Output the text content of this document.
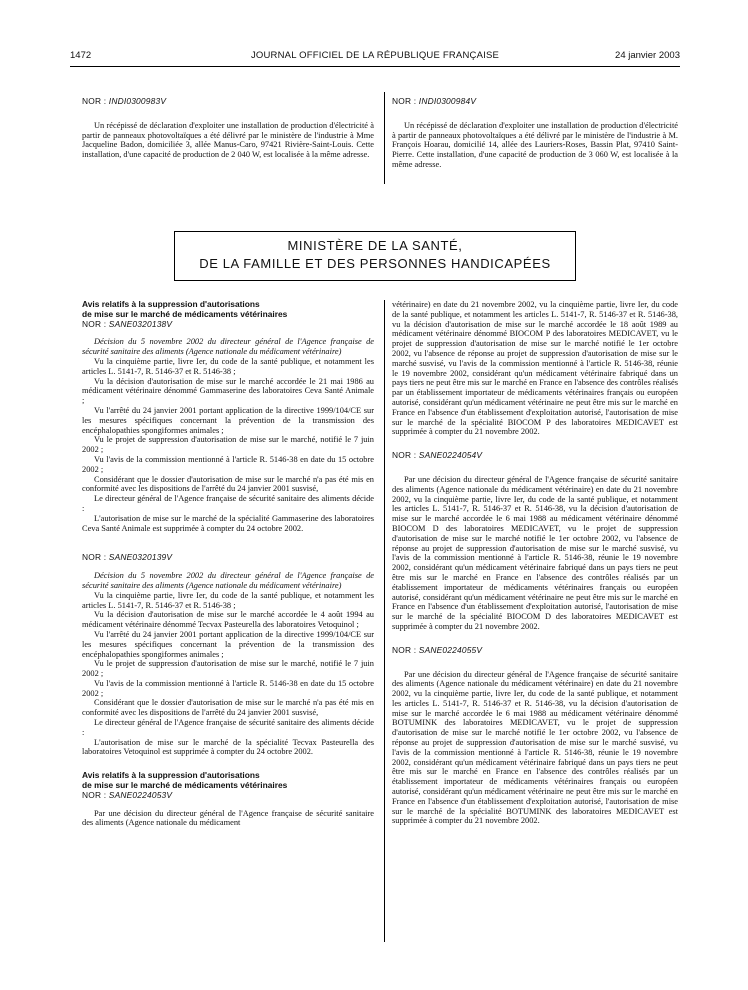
1472	JOURNAL OFFICIEL DE LA RÉPUBLIQUE FRANÇAISE	24 janvier 2003

NOR : INDI0300983V

Un récépissé de déclaration d'exploiter une installation de production d'électricité à partir de panneaux photovoltaïques a été délivré par le ministère de l'industrie à Mme Jacqueline Badon, domiciliée 3, allée Manus-Caro, 97421 Rivière-Saint-Louis. Cette installation, d'une capacité de production de 2 040 W, est localisée à la même adresse.

NOR : INDI0300984V

Un récépissé de déclaration d'exploiter une installation de production d'électricité à partir de panneaux photovoltaïques a été délivré par le ministère de l'industrie à M. François Hoarau, domicilié 14, allée des Lauriers-Roses, Bassin Plat, 97410 Saint-Pierre. Cette installation, d'une capacité de production de 3 060 W, est localisée à la même adresse.

MINISTÈRE DE LA SANTÉ,
DE LA FAMILLE ET DES PERSONNES HANDICAPÉES

Avis relatifs à la suppression d'autorisations

de mise sur le marché de médicaments vétérinaires

NOR : SANE0320138V

Décision du 5 novembre 2002 du directeur général de l'Agence française de sécurité sanitaire des aliments (Agence nationale du médicament vétérinaire)

Vu la cinquième partie, livre Ier, du code de la santé publique, et notamment les articles L. 5141-7, R. 5146-37 et R. 5146-38 ;

Vu la décision d'autorisation de mise sur le marché accordée le 21 mai 1986 au médicament vétérinaire dénommé Gammaserine des laboratoires Ceva Santé Animale ;

Vu l'arrêté du 24 janvier 2001 portant application de la directive 1999/104/CE sur les mesures spécifiques concernant la prévention de la transmission des encéphalopathies spongiformes animales ;

Vu le projet de suppression d'autorisation de mise sur le marché, notifié le 7 juin 2002 ;

Vu l'avis de la commission mentionné à l'article R. 5146-38 en date du 15 octobre 2002 ;

Considérant que le dossier d'autorisation de mise sur le marché n'a pas été mis en conformité avec les dispositions de l'arrêté du 24 janvier 2001 susvisé,

Le directeur général de l'Agence française de sécurité sanitaire des aliments décide :

L'autorisation de mise sur le marché de la spécialité Gammaserine des laboratoires Ceva Santé Animale est supprimée à compter du 24 octobre 2002.

NOR : SANE0320139V

Décision du 5 novembre 2002 du directeur général de l'Agence française de sécurité sanitaire des aliments (Agence nationale du médicament vétérinaire)

Vu la cinquième partie, livre Ier, du code de la santé publique, et notamment les articles L. 5141-7, R. 5146-37 et R. 5146-38 ;

Vu la décision d'autorisation de mise sur le marché accordée le 4 août 1994 au médicament vétérinaire dénommé Tecvax Pasteurella des laboratoires Vetoquinol ;

Vu l'arrêté du 24 janvier 2001 portant application de la directive 1999/104/CE sur les mesures spécifiques concernant la prévention de la transmission des encéphalopathies spongiformes animales ;

Vu le projet de suppression d'autorisation de mise sur le marché, notifié le 7 juin 2002 ;

Vu l'avis de la commission mentionné à l'article R. 5146-38 en date du 15 octobre 2002 ;

Considérant que le dossier d'autorisation de mise sur le marché n'a pas été mis en conformité avec les dispositions de l'arrêté du 24 janvier 2001 susvisé,

Le directeur général de l'Agence française de sécurité sanitaire des aliments décide :

L'autorisation de mise sur le marché de la spécialité Tecvax Pasteurella des laboratoires Vetoquinol est supprimée à compter du 24 octobre 2002.

Avis relatifs à la suppression d'autorisations

de mise sur le marché de médicaments vétérinaires

NOR : SANE0224053V

Par une décision du directeur général de l'Agence française de sécurité sanitaire des aliments (Agence nationale du médicament

vétérinaire) en date du 21 novembre 2002, vu la cinquième partie, livre Ier, du code de la santé publique, et notamment les articles L. 5141-7, R. 5146-37 et R. 5146-38, vu la décision d'autorisation de mise sur le marché accordée le 18 août 1989 au médicament vétérinaire dénommé BIOCOM P des laboratoires MEDICAVET, vu le projet de suppression d'autorisation de mise sur le marché notifié le 1er octobre 2002, vu l'absence de réponse au projet de suppression d'autorisation de mise sur le marché susvisé, vu l'avis de la commission mentionné à l'article R. 5146-38, réunie le 19 novembre 2002, considérant qu'un médicament vétérinaire fabriqué dans un pays tiers ne peut être mis sur le marché en France en l'absence des contrôles réalisés par un établissement importateur de médicaments vétérinaires français ou européen autorisé, considérant qu'un médicament vétérinaire ne peut être mis sur le marché en France en l'absence d'un établissement d'exploitation autorisé, l'autorisation de mise sur le marché de la spécialité BIOCOM P des laboratoires MEDICAVET est supprimée à compter du 21 novembre 2002.

NOR : SANE0224054V

Par une décision du directeur général de l'Agence française de sécurité sanitaire des aliments (Agence nationale du médicament vétérinaire) en date du 21 novembre 2002, vu la cinquième partie, livre Ier, du code de la santé publique, et notamment les articles L. 5141-7, R. 5146-37 et R. 5146-38, vu la décision d'autorisation de mise sur le marché accordée le 6 mai 1988 au médicament vétérinaire dénommé BIOCOM D des laboratoires MEDICAVET, vu le projet de suppression d'autorisation de mise sur le marché notifié le 1er octobre 2002, vu l'absence de réponse au projet de suppression d'autorisation de mise sur le marché susvisé, vu l'avis de la commission mentionné à l'article R. 5146-38, réunie le 19 novembre 2002, considérant qu'un médicament vétérinaire fabriqué dans un pays tiers ne peut être mis sur le marché en France en l'absence des contrôles réalisés par un établissement importateur de médicaments vétérinaires français ou européen autorisé, considérant qu'un médicament vétérinaire ne peut être mis sur le marché en France en l'absence d'un établissement d'exploitation autorisé, l'autorisation de mise sur le marché de la spécialité BIOCOM D des laboratoires MEDICAVET est supprimée à compter du 21 novembre 2002.

NOR : SANE0224055V

Par une décision du directeur général de l'Agence française de sécurité sanitaire des aliments (Agence nationale du médicament vétérinaire) en date du 21 novembre 2002, vu la cinquième partie, livre Ier, du code de la santé publique, et notamment les articles L. 5141-7, R. 5146-37 et R. 5146-38, vu la décision d'autorisation de mise sur le marché accordée le 6 mai 1988 au médicament vétérinaire dénommé BOTUMINK des laboratoires MEDICAVET, vu le projet de suppression d'autorisation de mise sur le marché notifié le 1er octobre 2002, vu l'absence de réponse au projet de suppression d'autorisation de mise sur le marché susvisé, vu l'avis de la commission mentionné à l'article R. 5146-38, réunie le 19 novembre 2002, considérant qu'un médicament vétérinaire fabriqué dans un pays tiers ne peut être mis sur le marché en France en l'absence des contrôles réalisés par un établissement importateur de médicaments vétérinaires français ou européen autorisé, considérant qu'un médicament vétérinaire ne peut être mis sur le marché en France en l'absence d'un établissement d'exploitation autorisé, l'autorisation de mise sur le marché de la spécialité BOTUMINK des laboratoires MEDICAVET est supprimée à compter du 21 novembre 2002.
